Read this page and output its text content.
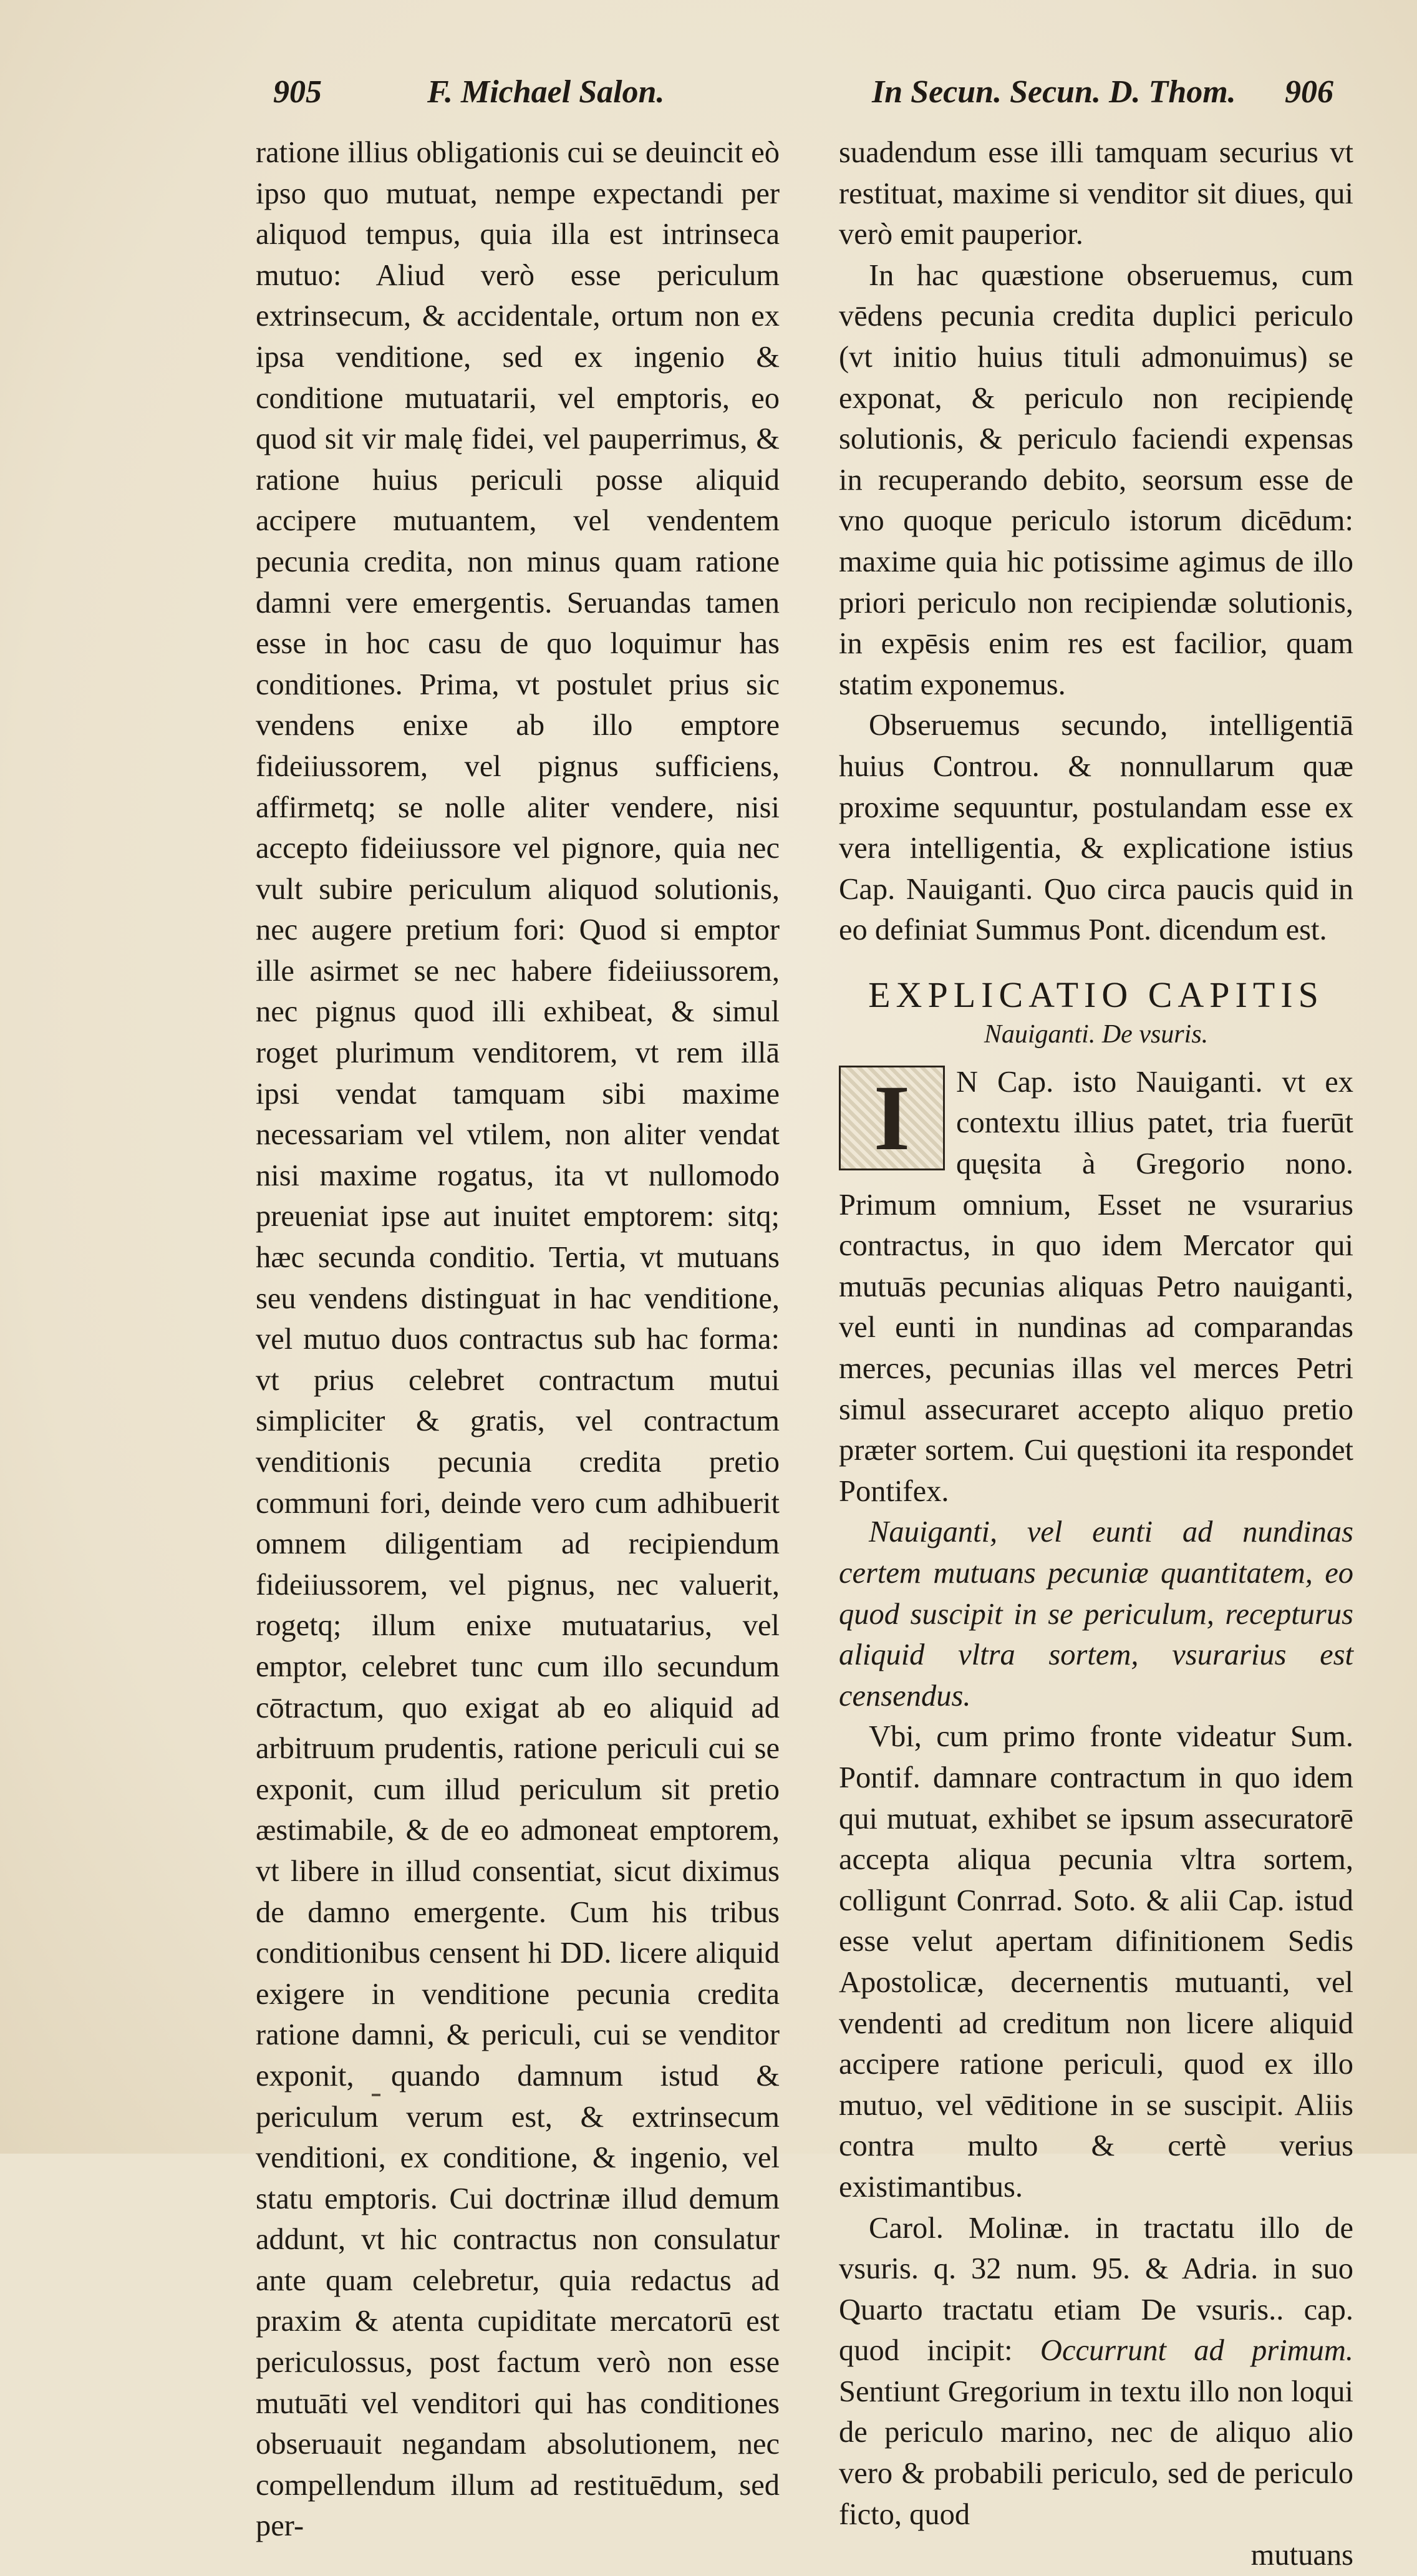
905	F. Michael Salon.	In Secun. Secun. D. Thom. 906

ratione illius obligationis cui se deuincit eò ipso quo mutuat, nempe expectandi per aliquod tempus, quia illa est intrinseca mutuo: Aliud verò esse periculum extrinsecum, & accidentale, ortum non ex ipsa venditione, sed ex ingenio & conditione mutuatarii, vel emptoris, eo quod sit vir malę fidei, vel pauperrimus, & ratione huius periculi posse aliquid accipere mutuantem, vel vendentem pecunia credita, non minus quam ratione damni vere emergentis. Seruandas tamen esse in hoc casu de quo loquimur has conditiones. Prima, vt postulet prius sic vendens enixe ab illo emptore fideiiussorem, vel pignus sufficiens, affirmetq; se nolle aliter vendere, nisi accepto fideiiussore vel pignore, quia nec vult subire periculum aliquod solutionis, nec augere pretium fori: Quod si emptor ille asirmet se nec habere fideiiussorem, nec pignus quod illi exhibeat, & simul roget plurimum venditorem, vt rem illā ipsi vendat tamquam sibi maxime necessariam vel vtilem, non aliter vendat nisi maxime rogatus, ita vt nullomodo preueniat ipse aut inuitet emptorem: sitq; hæc secunda conditio. Tertia, vt mutuans seu vendens distinguat in hac venditione, vel mutuo duos contractus sub hac forma: vt prius celebret contractum mutui simpliciter & gratis, vel contractum venditionis pecunia credita pretio communi fori, deinde vero cum adhibuerit omnem diligentiam ad recipiendum fideiiussorem, vel pignus, nec valuerit, rogetq; illum enixe mutuatarius, vel emptor, celebret tunc cum illo secundum cōtractum, quo exigat ab eo aliquid ad arbitruum prudentis, ratione periculi cui se exponit, cum illud periculum sit pretio æstimabile, & de eo admoneat emptorem, vt libere in illud consentiat, sicut diximus de damno emergente. Cum his tribus conditionibus censent hi DD. licere aliquid exigere in venditione pecunia credita ratione damni, & periculi, cui se venditor exponit, quando damnum istud & periculum verum est, & extrinsecum venditioni, ex conditione, & ingenio, vel statu emptoris. Cui doctrinæ illud demum addunt, vt hic contractus non consulatur ante quam celebretur, quia redactus ad praxim & atenta cupiditate mercatorū est periculossus, post factum verò non esse mutuāti vel venditori qui has conditiones obseruauit negandam absolutionem, nec compellendum illum ad restituēdum, sed per-

suadendum esse illi tamquam securius vt restituat, maxime si venditor sit diues, qui verò emit pauperior.

In hac quæstione obseruemus, cum vēdens pecunia credita duplici periculo (vt initio huius tituli admonuimus) se exponat, & periculo non recipiendę solutionis, & periculo faciendi expensas in recuperando debito, seorsum esse de vno quoque periculo istorum dicēdum: maxime quia hic potissime agimus de illo priori periculo non recipiendæ solutionis, in expēsis enim res est facilior, quam statim exponemus.

Obseruemus secundo, intelligentiā huius Controu. & nonnullarum quæ proxime sequuntur, postulandam esse ex vera intelligentia, & explicatione istius Cap. Nauiganti. Quo circa paucis quid in eo definiat Summus Pont. dicendum est.

EXPLICATIO CAPITIS
Nauiganti. De vsuris.
I	N Cap. isto Nauiganti. vt ex contextu illius patet, tria fuerūt quęsita à Gregorio nono. Primum omnium, Esset ne vsurarius contractus, in quo idem Mercator qui mutuās pecunias aliquas Petro nauiganti, vel eunti in nundinas ad comparandas merces, pecunias illas vel merces Petri simul assecuraret accepto aliquo pretio præter sortem. Cui quęstioni ita respondet Pontifex.

Nauiganti, vel eunti ad nundinas certem mutuans pecuniæ quantitatem, eo quod suscipit in se periculum, recepturus aliquid vltra sortem, vsurarius est censendus.

Vbi, cum primo fronte videatur Sum. Pontif. damnare contractum in quo idem qui mutuat, exhibet se ipsum assecuratorē accepta aliqua pecunia vltra sortem, colligunt Conrrad. Soto. & alii Cap. istud esse velut apertam difinitionem Sedis Apostolicæ, decernentis mutuanti, vel vendenti ad creditum non licere aliquid accipere ratione periculi, quod ex illo mutuo, vel vēditione in se suscipit. Aliis contra multo & certè verius existimantibus.

Carol. Molinæ. in tractatu illo de vsuris. q. 32 num. 95. & Adria. in suo Quarto tractatu etiam De vsuris.. cap. quod incipit: Occurrunt ad primum. Sentiunt Gregorium in textu illo non loqui de periculo marino, nec de aliquo alio vero & probabili periculo, sed de periculo ficto, quod

mutuans
